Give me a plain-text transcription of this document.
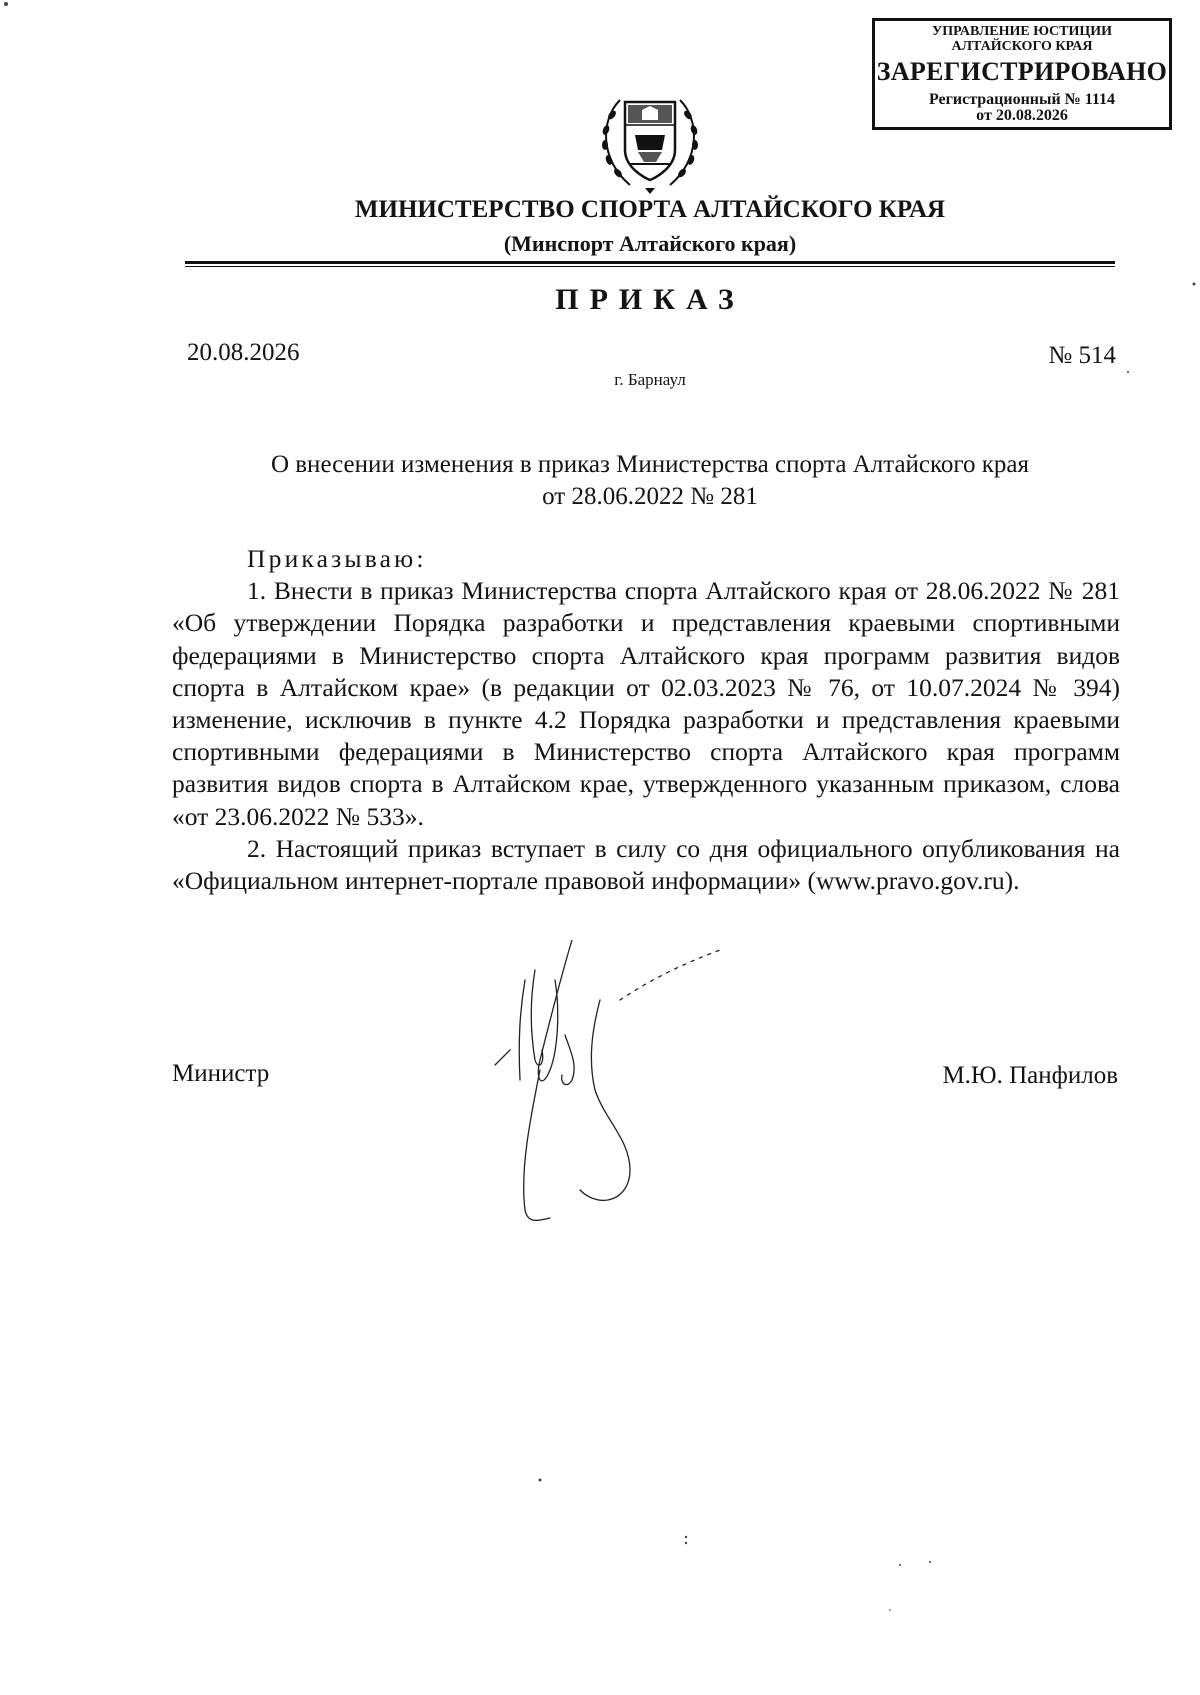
УПРАВЛЕНИЕ ЮСТИЦИИ
АЛТАЙСКОГО КРАЯ
ЗАРЕГИСТРИРОВАНО
Регистрационный № 1114
от 20.08.2026
МИНИСТЕРСТВО СПОРТА АЛТАЙСКОГО КРАЯ
(Минспорт Алтайского края)
ПРИКАЗ
20.08.2026	№ 514
г. Барнаул
О внесении изменения в приказ Министерства спорта Алтайского края
от 28.06.2022 № 281
Приказываю:

1. Внести в приказ Министерства спорта Алтайского края от 28.06.2022 № 281 «Об утверждении Порядка разработки и представления краевыми спортивными федерациями в Министерство спорта Алтайского края программ развития видов спорта в Алтайском крае» (в редакции от 02.03.2023 № 76, от 10.07.2024 № 394) изменение, исключив в пункте 4.2 Порядка разработки и представления краевыми спортивными федерациями в Министерство спорта Алтайского края программ развития видов спорта в Алтайском крае, утвержденного указанным приказом, слова «от 23.06.2022 № 533».

2. Настоящий приказ вступает в силу со дня официального опубликования на «Официальном интернет-портале правовой информации» (www.pravo.gov.ru).

Министр	М.Ю. Панфилов
